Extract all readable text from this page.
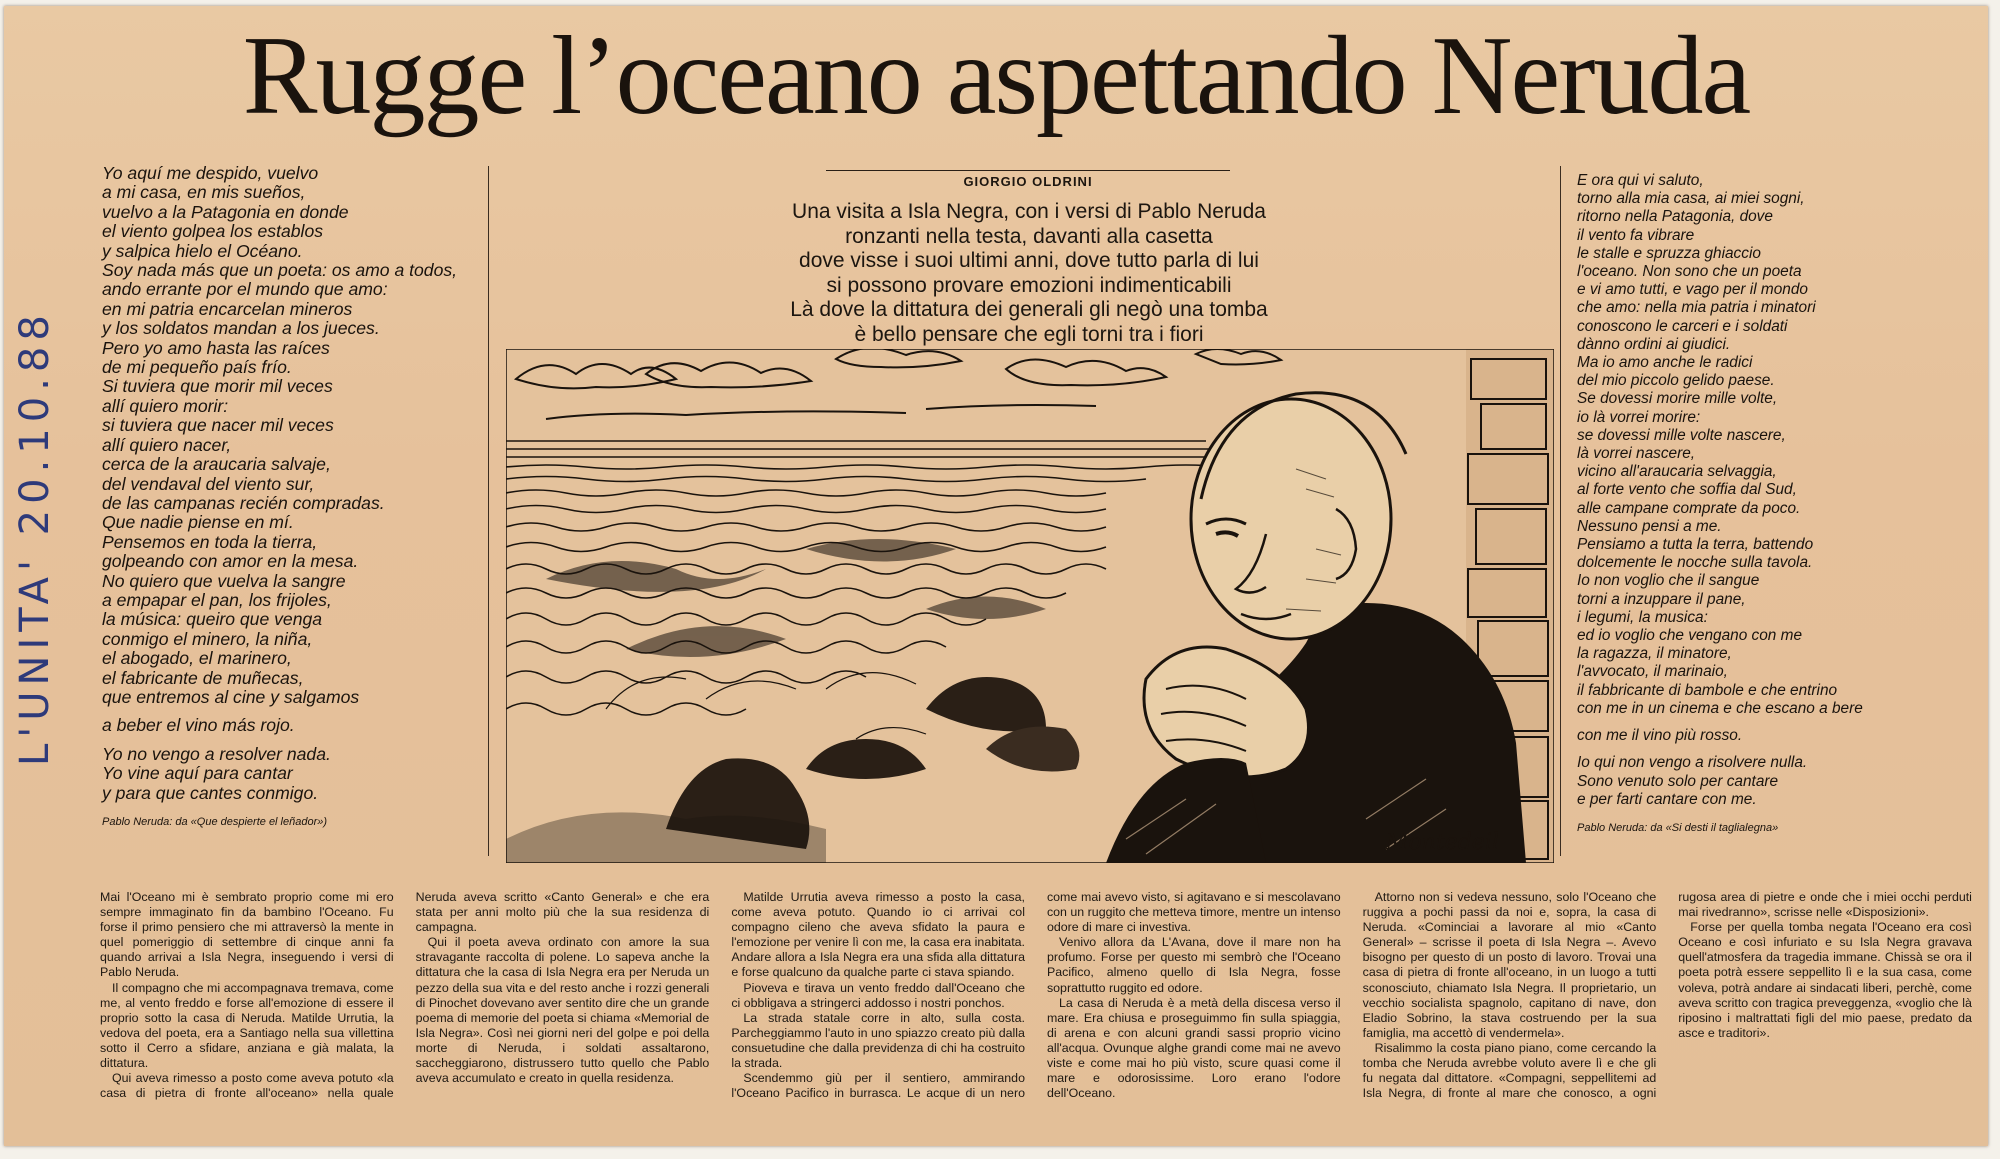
Rugge l’oceano aspettando Neruda
L'UNITA' 20.10.88
Yo aquí me despido, vuelvo
a mi casa, en mis sueños,
vuelvo a la Patagonia en donde
el viento golpea los establos
y salpica hielo el Océano.
Soy nada más que un poeta: os amo a todos,
ando errante por el mundo que amo:
en mi patria encarcelan mineros
y los soldatos mandan a los jueces.
Pero yo amo hasta las raíces
de mi pequeño país frío.
Si tuviera que morir mil veces
allí quiero morir:
si tuviera que nacer mil veces
allí quiero nacer,
cerca de la araucaria salvaje,
del vendaval del viento sur,
de las campanas recién compradas.
Que nadie piense en mí.
Pensemos en toda la tierra,
golpeando con amor en la mesa.
No quiero que vuelva la sangre
a empapar el pan, los frijoles,
la música: queiro que venga
conmigo el minero, la niña,
el abogado, el marinero,
el fabricante de muñecas,
que entremos al cine y salgamos
a beber el vino más rojo.
Yo no vengo a resolver nada.
Yo vine aquí para cantar
y para que cantes conmigo.
Pablo Neruda: da «Que despierte el leñador»)
GIORGIO OLDRINI
Una visita a Isla Negra, con i versi di Pablo Neruda
ronzanti nella testa, davanti alla casetta
dove visse i suoi ultimi anni, dove tutto parla di lui
si possono provare emozioni indimenticabili
Là dove la dittatura dei generali gli negò una tomba
è bello pensare che egli torni tra i fiori
Montedeil
E ora qui vi saluto,
torno alla mia casa, ai miei sogni,
ritorno nella Patagonia, dove
il vento fa vibrare
le stalle e spruzza ghiaccio
l'oceano. Non sono che un poeta
e vi amo tutti, e vago per il mondo
che amo: nella mia patria i minatori
conoscono le carceri e i soldati
dànno ordini ai giudici.
Ma io amo anche le radici
del mio piccolo gelido paese.
Se dovessi morire mille volte,
io là vorrei morire:
se dovessi mille volte nascere,
là vorrei nascere,
vicino all'araucaria selvaggia,
al forte vento che soffia dal Sud,
alle campane comprate da poco.
Nessuno pensi a me.
Pensiamo a tutta la terra, battendo
dolcemente le nocche sulla tavola.
Io non voglio che il sangue
torni a inzuppare il pane,
i legumi, la musica:
ed io voglio che vengano con me
la ragazza, il minatore,
l'avvocato, il marinaio,
il fabbricante di bambole e che entrino
con me in un cinema e che escano a bere
con me il vino più rosso.
Io qui non vengo a risolvere nulla.
Sono venuto solo per cantare
e per farti cantare con me.
Pablo Neruda: da «Si desti il taglialegna»

Mai l'Oceano mi è sembrato proprio come mi ero sempre immaginato fin da bambino l'Oceano. Fu forse il primo pensiero che mi attraversò la mente in quel pomeriggio di settembre di cinque anni fa quando arrivai a Isla Negra, inseguendo i versi di Pablo Neruda.

Il compagno che mi accompagnava tremava, come me, al vento freddo e forse all'emozione di essere il proprio sotto la casa di Neruda. Matilde Urrutia, la vedova del poeta, era a Santiago nella sua villettina sotto il Cerro a sfidare, anziana e già malata, la dittatura.

Qui aveva rimesso a posto come aveva potuto «la casa di pietra di fronte all'oceano» nella quale Neruda aveva scritto «Canto General» e che era stata per anni molto più che la sua residenza di campagna.

Qui il poeta aveva ordinato con amore la sua stravagante raccolta di polene. Lo sapeva anche la dittatura che la casa di Isla Negra era per Neruda un pezzo della sua vita e del resto anche i rozzi generali di Pinochet dovevano aver sentito dire che un grande poema di memorie del poeta si chiama «Memorial de Isla Negra». Così nei giorni neri del golpe e poi della morte di Neruda, i soldati assaltarono, saccheggiarono, distrussero tutto quello che Pablo aveva accumulato e creato in quella residenza.

Matilde Urrutia aveva rimesso a posto la casa, come aveva potuto. Quando io ci arrivai col compagno cileno che aveva sfidato la paura e l'emozione per venire lì con me, la casa era inabitata. Andare allora a Isla Negra era una sfida alla dittatura e forse qualcuno da qualche parte ci stava spiando.

Pioveva e tirava un vento freddo dall'Oceano che ci obbligava a stringerci addosso i nostri ponchos.

La strada statale corre in alto, sulla costa. Parcheggiammo l'auto in uno spiazzo creato più dalla consuetudine che dalla previdenza di chi ha costruito la strada.

Scendemmo giù per il sentiero, ammirando l'Oceano Pacifico in burrasca. Le acque di un nero come mai avevo visto, si agitavano e si mescolavano con un ruggito che metteva timore, mentre un intenso odore di mare ci investiva.

Venivo allora da L'Avana, dove il mare non ha profumo. Forse per questo mi sembrò che l'Oceano Pacifico, almeno quello di Isla Negra, fosse soprattutto ruggito ed odore.

La casa di Neruda è a metà della discesa verso il mare. Era chiusa e proseguimmo fin sulla spiaggia, di arena e con alcuni grandi sassi proprio vicino all'acqua. Ovunque alghe grandi come mai ne avevo viste e come mai ho più visto, scure quasi come il mare e odorosissime. Loro erano l'odore dell'Oceano.

Attorno non si vedeva nessuno, solo l'Oceano che ruggiva a pochi passi da noi e, sopra, la casa di Neruda. «Cominciai a lavorare al mio «Canto General» – scrisse il poeta di Isla Negra –. Avevo bisogno per questo di un posto di lavoro. Trovai una casa di pietra di fronte all'oceano, in un luogo a tutti sconosciuto, chiamato Isla Negra. Il proprietario, un vecchio socialista spagnolo, capitano di nave, don Eladio Sobrino, la stava costruendo per la sua famiglia, ma accettò di vendermela».

Risalimmo la costa piano piano, come cercando la tomba che Neruda avrebbe voluto avere lì e che gli fu negata dal dittatore. «Compagni, seppellitemi ad Isla Negra, di fronte al mare che conosco, a ogni rugosa area di pietre e onde che i miei occhi perduti mai rivedranno», scrisse nelle «Disposizioni».

Forse per quella tomba negata l'Oceano era così Oceano e così infuriato e su Isla Negra gravava quell'atmosfera da tragedia immane. Chissà se ora il poeta potrà essere seppellito lì e la sua casa, come voleva, potrà andare ai sindacati liberi, perchè, come aveva scritto con tragica preveggenza, «voglio che là riposino i maltrattati figli del mio paese, predato da asce e traditori».
